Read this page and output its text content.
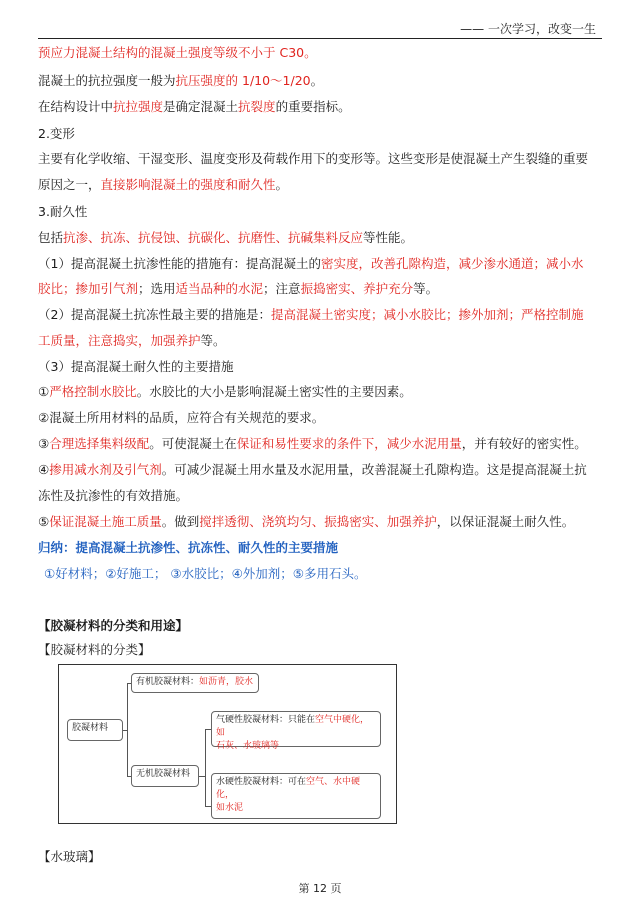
—— 一次学习，改变一生
预应力混凝土结构的混凝土强度等级不小于 C30。
混凝土的抗拉强度一般为抗压强度的 1/10～1/20。
在结构设计中抗拉强度是确定混凝土抗裂度的重要指标。
2.变形
主要有化学收缩、干湿变形、温度变形及荷载作用下的变形等。这些变形是使混凝土产生裂缝的重要
原因之一，直接影响混凝土的强度和耐久性。
3.耐久性
包括抗渗、抗冻、抗侵蚀、抗碳化、抗磨性、抗碱集料反应等性能。
（1）提高混凝土抗渗性能的措施有：提高混凝土的密实度，改善孔隙构造，减少渗水通道；减小水
胶比；掺加引气剂；选用适当品种的水泥；注意振捣密实、养护充分等。
（2）提高混凝土抗冻性最主要的措施是：提高混凝土密实度；减小水胶比；掺外加剂；严格控制施
工质量，注意捣实，加强养护等。
（3）提高混凝土耐久性的主要措施
①严格控制水胶比。水胶比的大小是影响混凝土密实性的主要因素。
②混凝土所用材料的品质，应符合有关规范的要求。
③合理选择集料级配。可使混凝土在保证和易性要求的条件下，减少水泥用量，并有较好的密实性。
④掺用减水剂及引气剂。可减少混凝土用水量及水泥用量，改善混凝土孔隙构造。这是提高混凝土抗
冻性及抗渗性的有效措施。
⑤保证混凝土施工质量。做到搅拌透彻、浇筑均匀、振捣密实、加强养护，以保证混凝土耐久性。
归纳：提高混凝土抗渗性、抗冻性、耐久性的主要措施
①好材料；②好施工； ③水胶比；④外加剂；⑤多用石头。
【胶凝材料的分类和用途】
【胶凝材料的分类】
胶凝材料
有机胶凝材料：如沥青，胶水
无机胶凝材料
气硬性胶凝材料：只能在空气中硬化，如
石灰、水玻璃等
水硬性胶凝材料：可在空气、水中硬化，
如水泥
【水玻璃】
第 12 页
